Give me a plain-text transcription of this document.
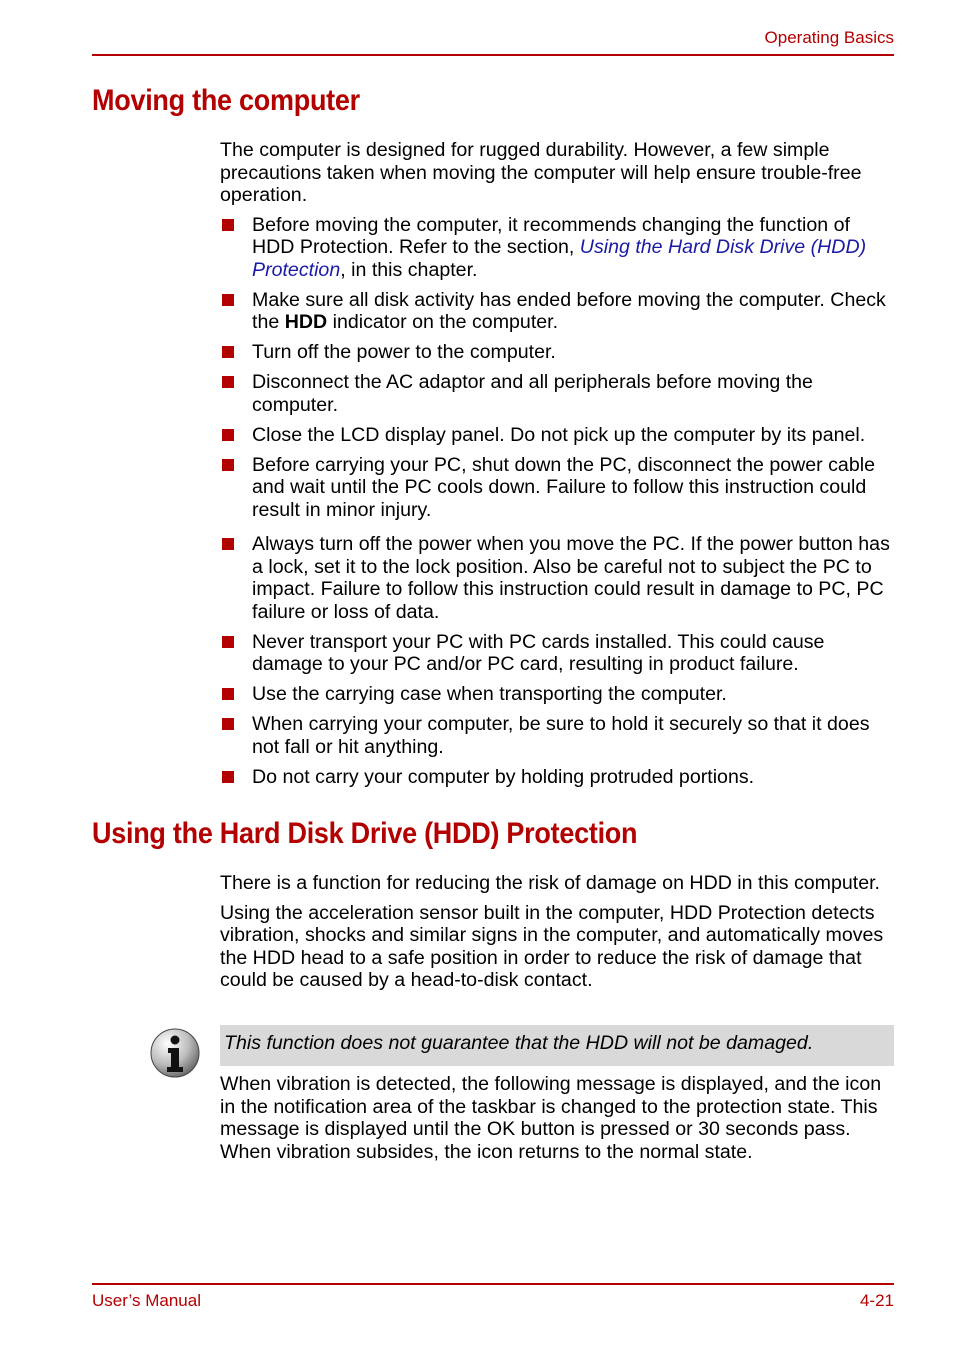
Operating Basics
Moving the computer

The computer is designed for rugged durability. However, a few simple precautions taken when moving the computer will help ensure trouble-free operation.

Before moving the computer, it recommends changing the function of HDD Protection. Refer to the section, Using the Hard Disk Drive (HDD) Protection, in this chapter.
Make sure all disk activity has ended before moving the computer. Check the HDD indicator on the computer.
Turn off the power to the computer.
Disconnect the AC adaptor and all peripherals before moving the computer.
Close the LCD display panel. Do not pick up the computer by its panel.
Before carrying your PC, shut down the PC, disconnect the power cable and wait until the PC cools down. Failure to follow this instruction could result in minor injury.
Always turn off the power when you move the PC. If the power button has a lock, set it to the lock position. Also be careful not to subject the PC to impact. Failure to follow this instruction could result in damage to PC, PC failure or loss of data.
Never transport your PC with PC cards installed. This could cause damage to your PC and/or PC card, resulting in product failure.
Use the carrying case when transporting the computer.
When carrying your computer, be sure to hold it securely so that it does not fall or hit anything.
Do not carry your computer by holding protruded portions.
Using the Hard Disk Drive (HDD) Protection

There is a function for reducing the risk of damage on HDD in this computer.

Using the acceleration sensor built in the computer, HDD Protection detects vibration, shocks and similar signs in the computer, and automatically moves the HDD head to a safe position in order to reduce the risk of damage that could be caused by a head-to-disk contact.

This function does not guarantee that the HDD will not be damaged.

When vibration is detected, the following message is displayed, and the icon in the notification area of the taskbar is changed to the protection state. This message is displayed until the OK button is pressed or 30 seconds pass. When vibration subsides, the icon returns to the normal state.

User’s Manual	4-21
